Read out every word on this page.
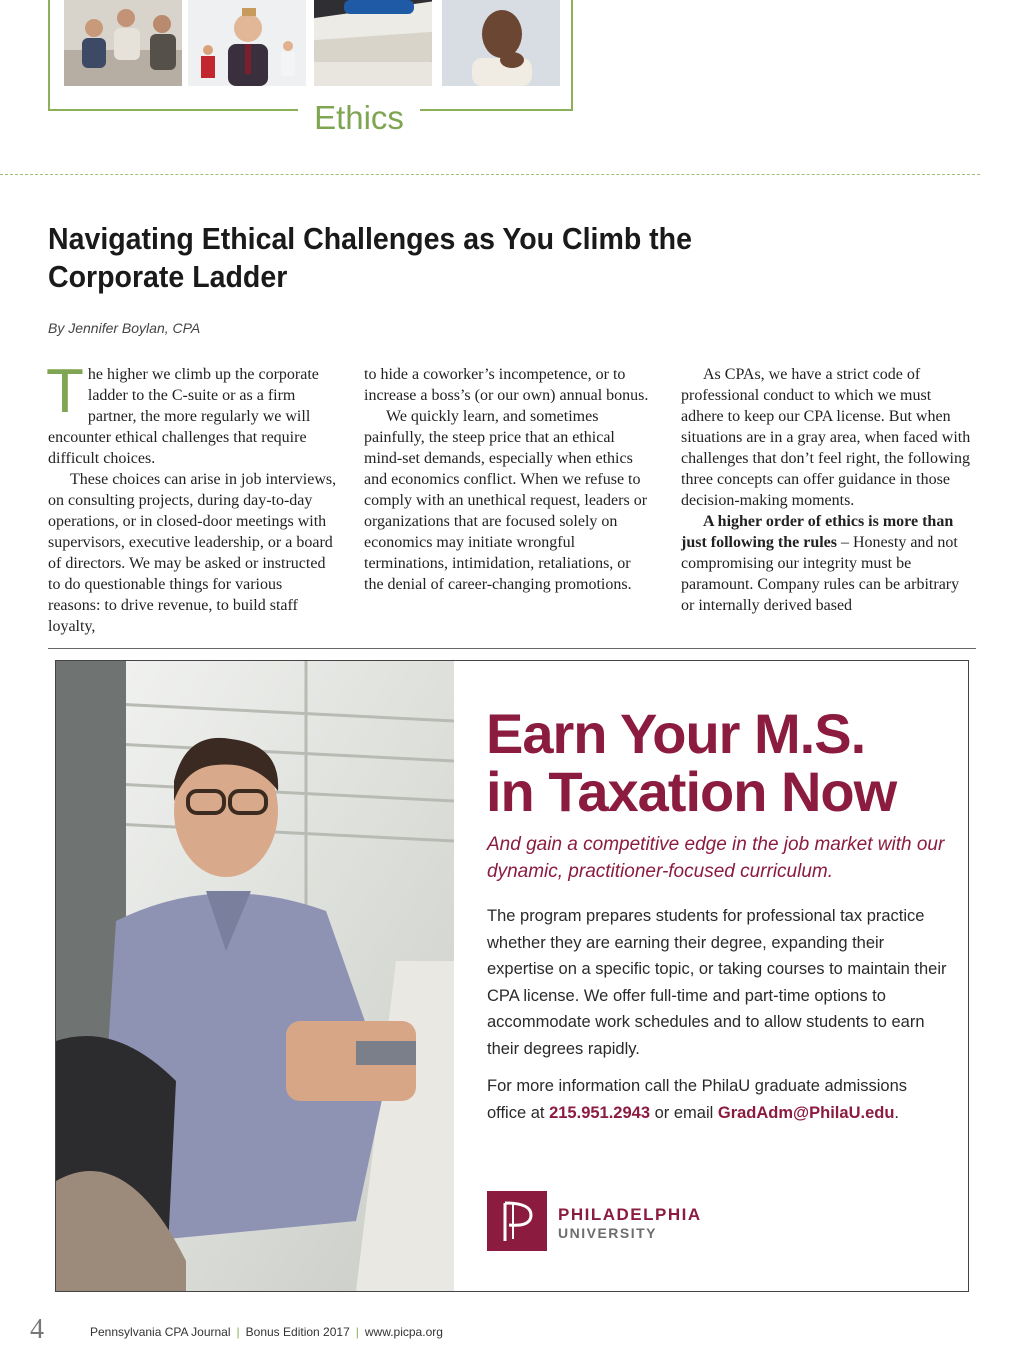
Ethics
Navigating Ethical Challenges as You Climb the Corporate Ladder
By Jennifer Boylan, CPA

The higher we climb up the corporate ladder to the C-suite or as a firm partner, the more regularly we will encounter ethical challenges that require difficult choices.

These choices can arise in job interviews, on consulting projects, during day-to-day operations, or in closed-door meetings with supervisors, executive leadership, or a board of directors. We may be asked or instructed to do questionable things for various reasons: to drive revenue, to build staff loyalty,

to hide a coworker’s incompetence, or to increase a boss’s (or our own) annual bonus.

We quickly learn, and sometimes painfully, the steep price that an ethical mind-set demands, especially when ethics and economics conflict. When we refuse to comply with an unethical request, leaders or organizations that are focused solely on economics may initiate wrongful terminations, intimidation, retaliations, or the denial of career-changing promotions.

As CPAs, we have a strict code of professional conduct to which we must adhere to keep our CPA license. But when situations are in a gray area, when faced with challenges that don’t feel right, the following three concepts can offer guidance in those decision-making moments.

A higher order of ethics is more than just following the rules – Honesty and not compromising our integrity must be paramount. Company rules can be arbitrary or internally derived based

Earn Your M.S.
in Taxation Now
And gain a competitive edge in the job market with our dynamic, practitioner-focused curriculum.
The program prepares students for professional tax practice whether they are earning their degree, expanding their expertise on a specific topic, or taking courses to maintain their CPA license. We offer full-time and part-time options to accommodate work schedules and to allow students to earn their degrees rapidly.
For more information call the PhilaU graduate admissions office at 215.951.2943 or email GradAdm@PhilaU.edu.
PHILADELPHIA
UNIVERSITY
4	Pennsylvania CPA Journal | Bonus Edition 2017 | www.picpa.org
